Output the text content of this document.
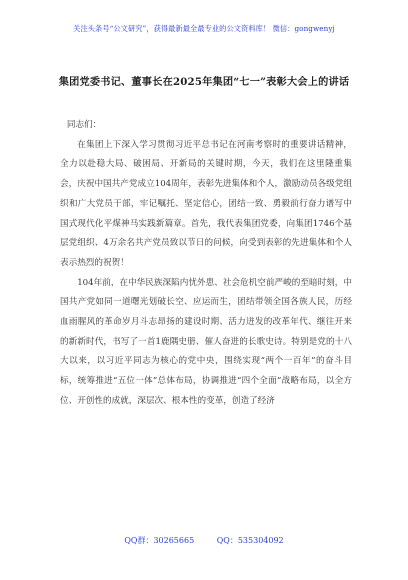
关注头条号“公文研究”，获得最新最全最专业的公文资料库！ 微信：gongwenyj
集团党委书记、董事长在2025年集团“七一”表彰大会上的讲话

同志们：

在集团上下深入学习贯彻习近平总书记在河南考察时的重要讲话精神，全力以赴稳大局、破困局、开新局的关键时期，今天，我们在这里隆重集会，庆祝中国共产党成立104周年，表彰先进集体和个人，激励动员各级党组织和广大党员干部，牢记嘱托、坚定信心，团结一致、勇毅前行奋力谱写中国式现代化平煤神马实践新篇章。首先，我代表集团党委，向集团1746个基层党组织、4万余名共产党员致以节日的问候，向受到表彰的先进集体和个人表示热烈的祝贺！

104年前，在中华民族深陷内忧外患、社会危机空前严峻的至暗时刻，中国共产党如同一道曙光划破长空、应运而生，团结带领全国各族人民，历经血雨腥风的革命岁月斗志昂扬的建设时期、活力迸发的改革年代、继往开来的新新时代，书写了一首1鹿隅史册、催人奋进的长歌史诗。特别是党的十八大以来，以习近平同志为核心的党中央，围绕实现“两个一百年”的奋斗目标，统筹推进“五位一体”总体布局，协调推进“四个全面”战略布局，以全方位、开创性的成就，深层次、根本性的变革，创造了经济

QQ群：30265665	QQ：535304092
